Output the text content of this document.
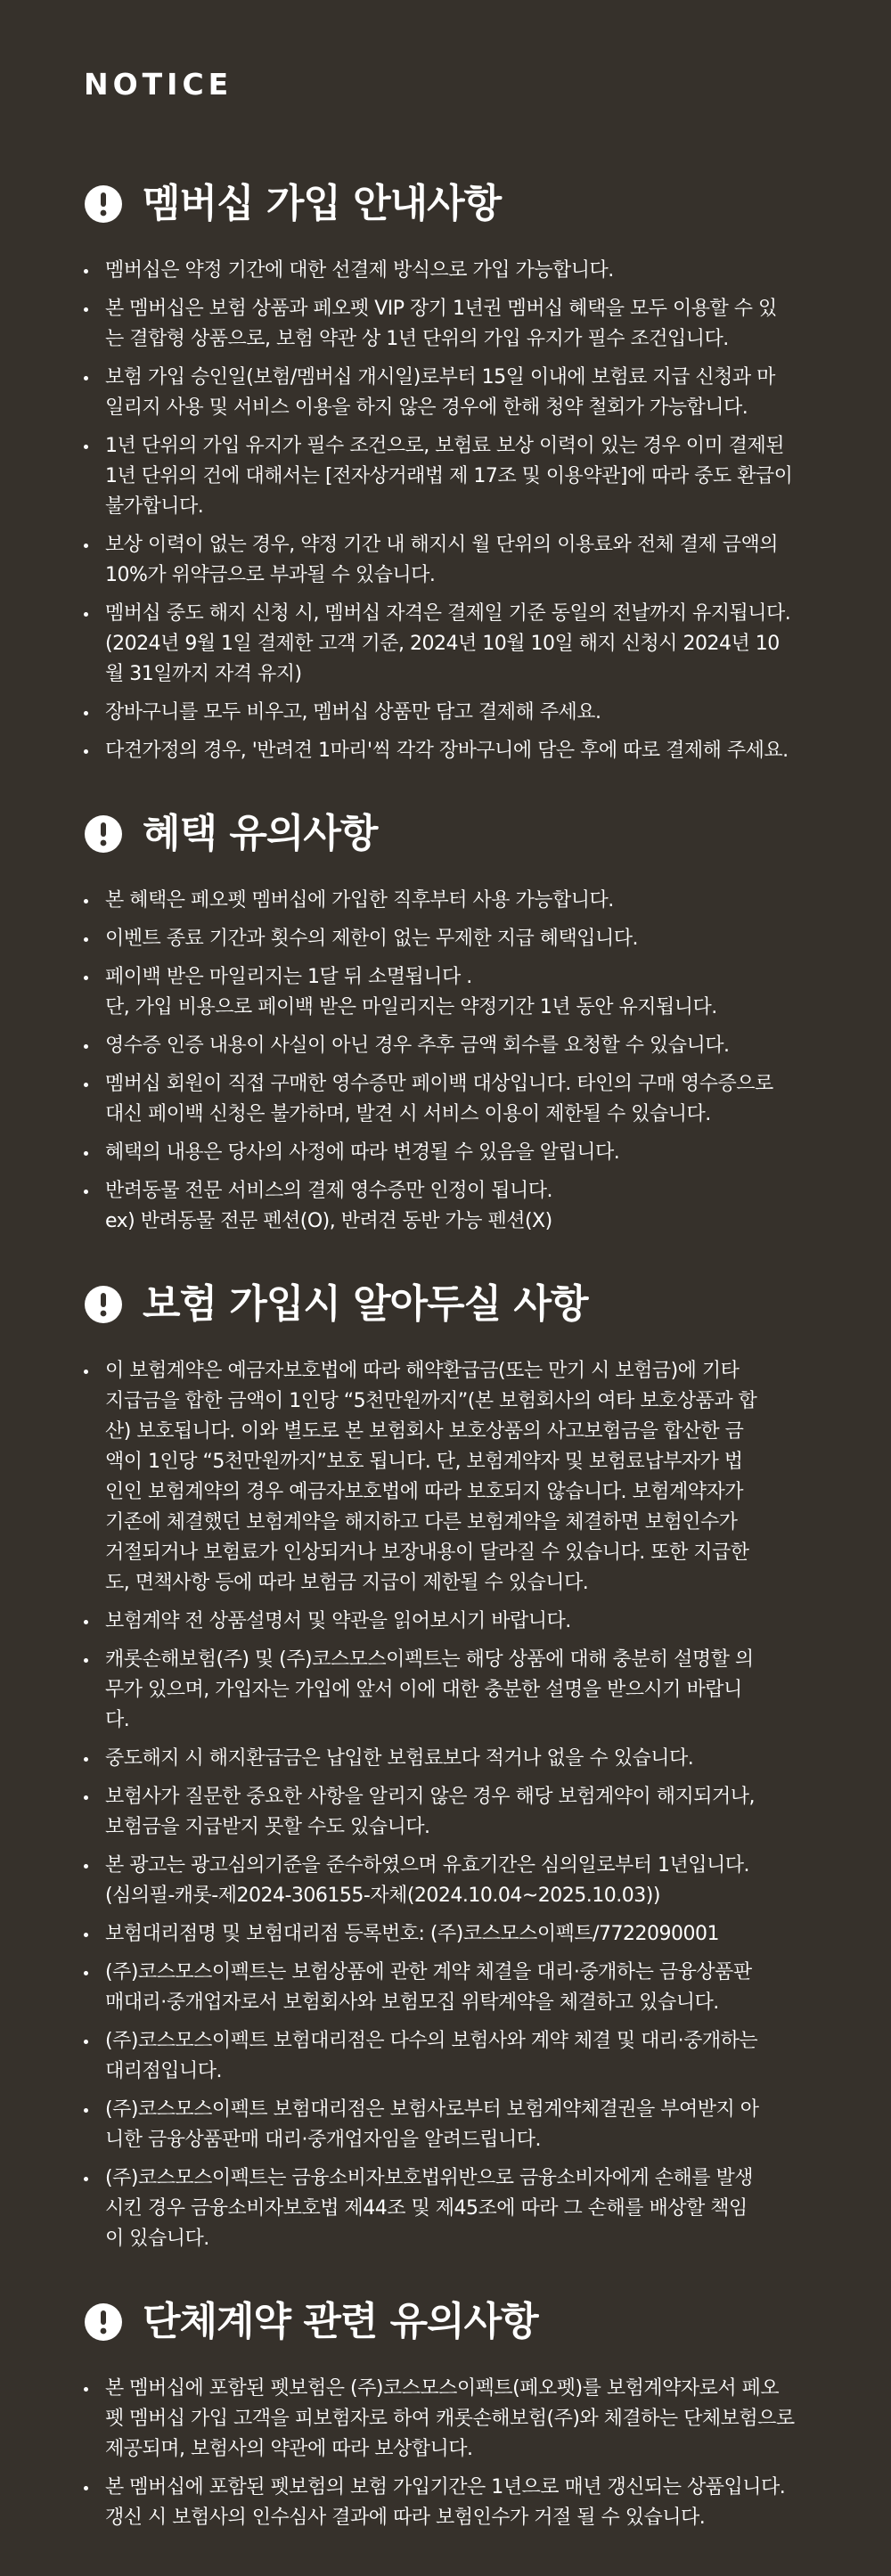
NOTICE
멤버십 가입 안내사항
멤버십은 약정 기간에 대한 선결제 방식으로 가입 가능합니다.
본 멤버십은 보험 상품과 페오펫 VIP 장기 1년권 멤버십 혜택을 모두 이용할 수 있
는 결합형 상품으로, 보험 약관 상 1년 단위의 가입 유지가 필수 조건입니다.
보험 가입 승인일(보험/멤버십 개시일)로부터 15일 이내에 보험료 지급 신청과 마
일리지 사용 및 서비스 이용을 하지 않은 경우에 한해 청약 철회가 가능합니다.
1년 단위의 가입 유지가 필수 조건으로, 보험료 보상 이력이 있는 경우 이미 결제된
1년 단위의 건에 대해서는 [전자상거래법 제 17조 및 이용약관]에 따라 중도 환급이
불가합니다.
보상 이력이 없는 경우, 약정 기간 내 해지시 월 단위의 이용료와 전체 결제 금액의
10%가 위약금으로 부과될 수 있습니다.
멤버십 중도 해지 신청 시, 멤버십 자격은 결제일 기준 동일의 전날까지 유지됩니다.
(2024년 9월 1일 결제한 고객 기준, 2024년 10월 10일 해지 신청시 2024년 10
월 31일까지 자격 유지)
장바구니를 모두 비우고, 멤버십 상품만 담고 결제해 주세요.
다견가정의 경우, '반려견 1마리'씩 각각 장바구니에 담은 후에 따로 결제해 주세요.
혜택 유의사항
본 혜택은 페오펫 멤버십에 가입한 직후부터 사용 가능합니다.
이벤트 종료 기간과 횟수의 제한이 없는 무제한 지급 혜택입니다.
페이백 받은 마일리지는 1달 뒤 소멸됩니다 .
단, 가입 비용으로 페이백 받은 마일리지는 약정기간 1년 동안 유지됩니다.
영수증 인증 내용이 사실이 아닌 경우 추후 금액 회수를 요청할 수 있습니다.
멤버십 회원이 직접 구매한 영수증만 페이백 대상입니다. 타인의 구매 영수증으로
대신 페이백 신청은 불가하며, 발견 시 서비스 이용이 제한될 수 있습니다.
혜택의 내용은 당사의 사정에 따라 변경될 수 있음을 알립니다.
반려동물 전문 서비스의 결제 영수증만 인정이 됩니다.
ex) 반려동물 전문 펜션(O), 반려견 동반 가능 펜션(X)
보험 가입시 알아두실 사항
이 보험계약은 예금자보호법에 따라 해약환급금(또는 만기 시 보험금)에 기타
지급금을 합한 금액이 1인당 “5천만원까지”(본 보험회사의 여타 보호상품과 합
산) 보호됩니다. 이와 별도로 본 보험회사 보호상품의 사고보험금을 합산한 금
액이 1인당 “5천만원까지”보호 됩니다. 단, 보험계약자 및 보험료납부자가 법
인인 보험계약의 경우 예금자보호법에 따라 보호되지 않습니다. 보험계약자가
기존에 체결했던 보험계약을 해지하고 다른 보험계약을 체결하면 보험인수가
거절되거나 보험료가 인상되거나 보장내용이 달라질 수 있습니다. 또한 지급한
도, 면책사항 등에 따라 보험금 지급이 제한될 수 있습니다.
보험계약 전 상품설명서 및 약관을 읽어보시기 바랍니다.
캐롯손해보험(주) 및 (주)코스모스이펙트는 해당 상품에 대해 충분히 설명할 의
무가 있으며, 가입자는 가입에 앞서 이에 대한 충분한 설명을 받으시기 바랍니
다.
중도해지 시 해지환급금은 납입한 보험료보다 적거나 없을 수 있습니다.
보험사가 질문한 중요한 사항을 알리지 않은 경우 해당 보험계약이 해지되거나,
보험금을 지급받지 못할 수도 있습니다.
본 광고는 광고심의기준을 준수하였으며 유효기간은 심의일로부터 1년입니다.
(심의필-캐롯-제2024-306155-자체(2024.10.04~2025.10.03))
보험대리점명 및 보험대리점 등록번호: (주)코스모스이펙트/7722090001
(주)코스모스이펙트는 보험상품에 관한 계약 체결을 대리·중개하는 금융상품판
매대리·중개업자로서 보험회사와 보험모집 위탁계약을 체결하고 있습니다.
(주)코스모스이펙트 보험대리점은 다수의 보험사와 계약 체결 및 대리·중개하는
대리점입니다.
(주)코스모스이펙트 보험대리점은 보험사로부터 보험계약체결권을 부여받지 아
니한 금융상품판매 대리·중개업자임을 알려드립니다.
(주)코스모스이펙트는 금융소비자보호법위반으로 금융소비자에게 손해를 발생
시킨 경우 금융소비자보호법 제44조 및 제45조에 따라 그 손해를 배상할 책임
이 있습니다.
단체계약 관련 유의사항
본 멤버십에 포함된 펫보험은 (주)코스모스이펙트(페오펫)를 보험계약자로서 페오
펫 멤버십 가입 고객을 피보험자로 하여 캐롯손해보험(주)와 체결하는 단체보험으로
제공되며, 보험사의 약관에 따라 보상합니다.
본 멤버십에 포함된 펫보험의 보험 가입기간은 1년으로 매년 갱신되는 상품입니다.
갱신 시 보험사의 인수심사 결과에 따라 보험인수가 거절 될 수 있습니다.
